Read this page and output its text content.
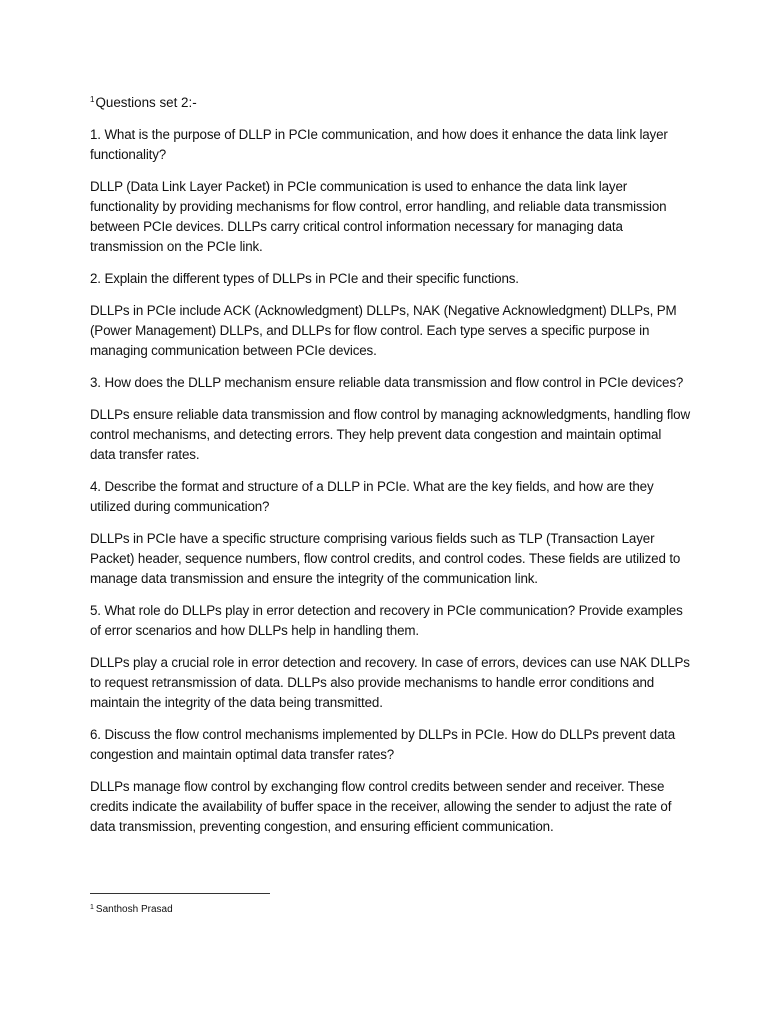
$^1$Questions set 2:-

1. What is the purpose of DLLP in PCIe communication, and how does it enhance the data link layer functionality?

DLLP (Data Link Layer Packet) in PCIe communication is used to enhance the data link layer functionality by providing mechanisms for flow control, error handling, and reliable data transmission between PCIe devices. DLLPs carry critical control information necessary for managing data transmission on the PCIe link.

2. Explain the different types of DLLPs in PCIe and their specific functions.

DLLPs in PCIe include ACK (Acknowledgment) DLLPs, NAK (Negative Acknowledgment) DLLPs, PM (Power Management) DLLPs, and DLLPs for flow control. Each type serves a specific purpose in managing communication between PCIe devices.

3. How does the DLLP mechanism ensure reliable data transmission and flow control in PCIe devices?

DLLPs ensure reliable data transmission and flow control by managing acknowledgments, handling flow control mechanisms, and detecting errors. They help prevent data congestion and maintain optimal data transfer rates.

4. Describe the format and structure of a DLLP in PCIe. What are the key fields, and how are they utilized during communication?

DLLPs in PCIe have a specific structure comprising various fields such as TLP (Transaction Layer Packet) header, sequence numbers, flow control credits, and control codes. These fields are utilized to manage data transmission and ensure the integrity of the communication link.

5. What role do DLLPs play in error detection and recovery in PCIe communication? Provide examples of error scenarios and how DLLPs help in handling them.

DLLPs play a crucial role in error detection and recovery. In case of errors, devices can use NAK DLLPs to request retransmission of data. DLLPs also provide mechanisms to handle error conditions and maintain the integrity of the data being transmitted.

6. Discuss the flow control mechanisms implemented by DLLPs in PCIe. How do DLLPs prevent data congestion and maintain optimal data transfer rates?

DLLPs manage flow control by exchanging flow control credits between sender and receiver. These credits indicate the availability of buffer space in the receiver, allowing the sender to adjust the rate of data transmission, preventing congestion, and ensuring efficient communication.

$^1$ Santhosh Prasad
